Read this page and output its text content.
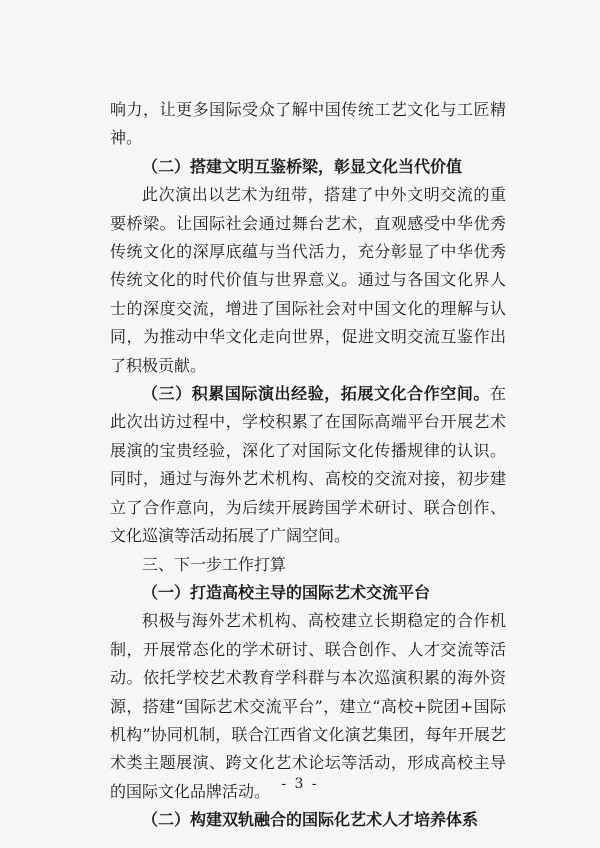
响力，让更多国际受众了解中国传统工艺文化与工匠精神。

（二）搭建文明互鉴桥梁，彰显文化当代价值

此次演出以艺术为纽带，搭建了中外文明交流的重要桥梁。让国际社会通过舞台艺术，直观感受中华优秀传统文化的深厚底蕴与当代活力，充分彰显了中华优秀传统文化的时代价值与世界意义。通过与各国文化界人士的深度交流，增进了国际社会对中国文化的理解与认同，为推动中华文化走向世界，促进文明交流互鉴作出了积极贡献。

（三）积累国际演出经验，拓展文化合作空间。在此次出访过程中，学校积累了在国际高端平台开展艺术展演的宝贵经验，深化了对国际文化传播规律的认识。同时，通过与海外艺术机构、高校的交流对接，初步建立了合作意向，为后续开展跨国学术研讨、联合创作、文化巡演等活动拓展了广阔空间。

三、下一步工作打算

（一）打造高校主导的国际艺术交流平台

积极与海外艺术机构、高校建立长期稳定的合作机制，开展常态化的学术研讨、联合创作、人才交流等活动。依托学校艺术教育学科群与本次巡演积累的海外资源，搭建“国际艺术交流平台”，建立“高校+院团+国际机构”协同机制，联合江西省文化演艺集团，每年开展艺术类主题展演、跨文化艺术论坛等活动，形成高校主导的国际文化品牌活动。

（二）构建双轨融合的国际化艺术人才培养体系

- 3 -
